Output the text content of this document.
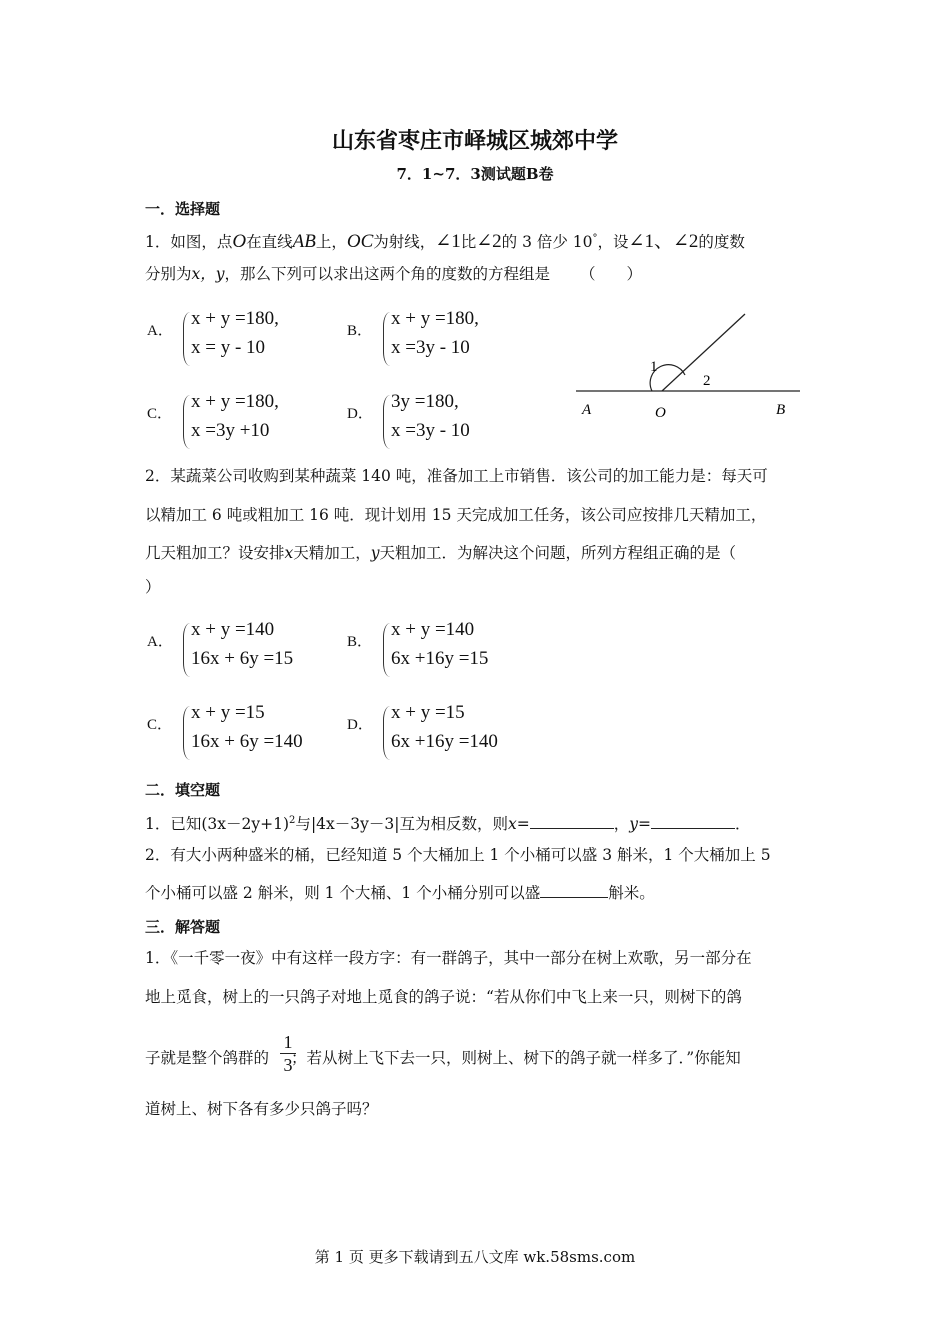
山东省枣庄市峄城区城郊中学
7．1~7．3测试题B卷
一．选择题
1．如图，点O在直线AB上，OC为射线，∠1比∠2的 3 倍少 10°，设∠1、∠2的度数
分别为x，y，那么下列可以求出这两个角的度数的方程组是 （　　）
A．
x + y =180,
x = y - 10
B．
x + y =180,
x =3y - 10
C．
x + y =180,
x =3y +10
D．
3y =180,
x =3y - 10
1
2
A	O	B
2．某蔬菜公司收购到某种蔬菜 140 吨，准备加工上市销售．该公司的加工能力是：每天可
以精加工 6 吨或粗加工 16 吨．现计划用 15 天完成加工任务，该公司应按排几天精加工，
几天粗加工？设安排x天精加工，y天粗加工．为解决这个问题，所列方程组正确的是（
）
A．
x + y =140
16x + 6y =15
B．
x + y =140
6x +16y =15
C．
x + y =15
16x + 6y =140
D．
x + y =15
6x +16y =140
二．填空题
1．已知$(3x-2y+1)^2$与|4x－3y－3|互为相反数，则x=	，y=	．
2．有大小两种盛米的桶，已经知道 5 个大桶加上 1 个小桶可以盛 3 斛米，1 个大桶加上 5
个小桶可以盛 2 斛米，则 1 个大桶、1 个小桶分别可以盛	斛米。
三．解答题
1．《一千零一夜》中有这样一段方字：有一群鸽子，其中一部分在树上欢歌，另一部分在
地上觅食，树上的一只鸽子对地上觅食的鸽子说：“若从你们中飞上来一只，则树下的鸽
子就是整个鸽群的 ；若从树上飞下去一只，则树上、树下的鸽子就一样多了．”你能知
1
3
道树上、树下各有多少只鸽子吗？
第 1 页 更多下载请到五八文库 wk.58sms.com
